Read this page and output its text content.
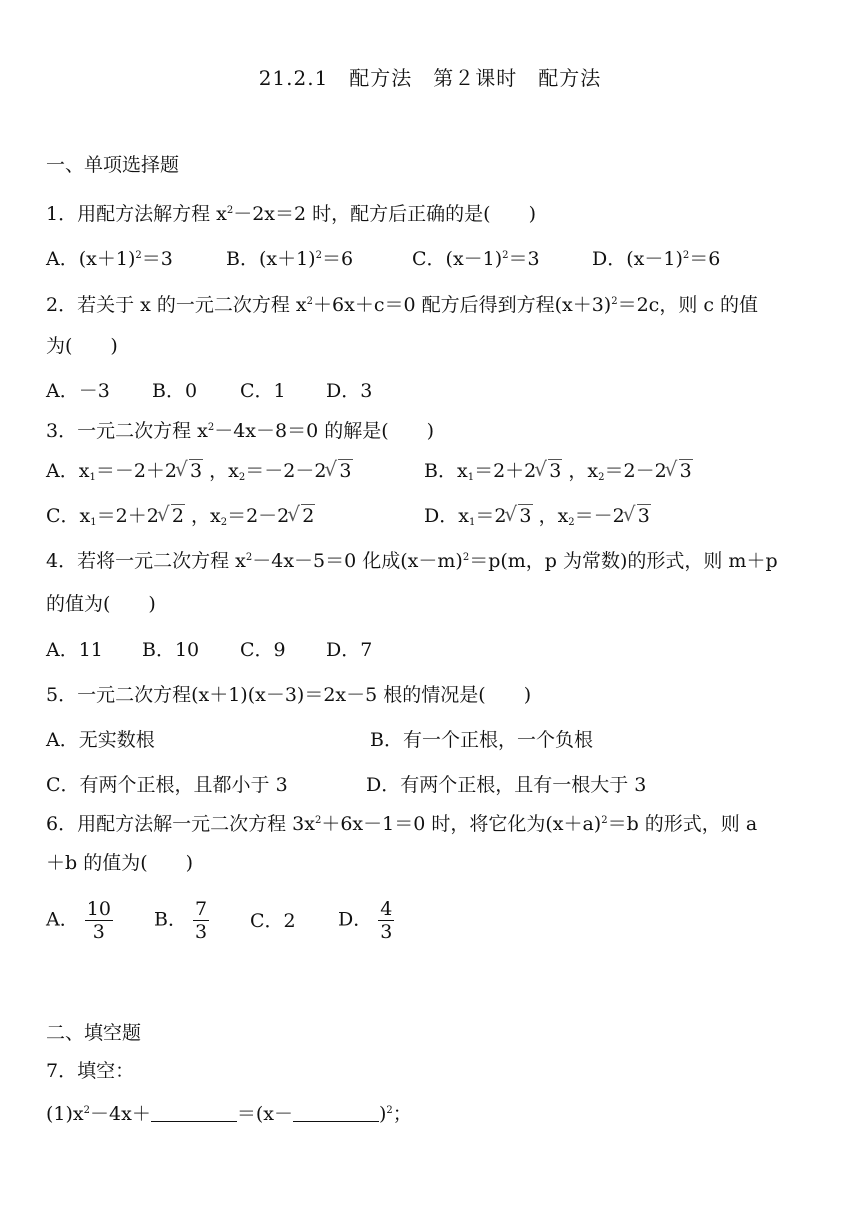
21.2.1　配方法　第２课时　配方法
一、单项选择题
1．用配方法解方程 $x^2-2x=2$ 时，配方后正确的是(　　)
A．$(x+1)^2=3$	B．$(x+1)^2=6$	C．$(x-1)^2=3$	D．$(x-1)^2=6$
2．若关于 x 的一元二次方程 $x^2+6x+c=0$ 配方后得到方程$(x+3)^2=2c$，则 c 的值
为(　　)
A．－3 B．0 C．1 D．3
3．一元二次方程 $x^2-4x-8=0$ 的解是(　　)
A．$x_1=-2+2√$ 3 ，$x_2=-2-2√$ 3	B．$x_1=2+2√$ 3 ，$x_2=2-2√$ 3
C．$x_1=2+2√$ 2 ，$x_2=2-2√$ 2	D．$x_1=2√$ 3 ，$x_2=-2√$ 3
4．若将一元二次方程 $x^2-4x-5=0$ 化成$(x-m)^2=p(m$，p 为常数)的形式，则 m＋p
的值为(　　)
A．11 B．10 C．9 D．7
5．一元二次方程(x＋1)(x－3)＝2x－5 根的情况是(　　)
A．无实数根	B．有一个正根，一个负根
C．有两个正根，且都小于 3	D．有两个正根，且有一根大于 3
6．用配方法解一元二次方程 $3x^2+6x-1=0$ 时，将它化为$(x+a)^2=b$ 的形式，则 a
＋b 的值为(　　)
A． $\frac{10}{3}$ B． $\frac{7}{3}$ C．2 D． $\frac{4}{3}$
二、填空题
7．填空：
$(1)x^2-4x+$	＝(x－	)$^2$；
